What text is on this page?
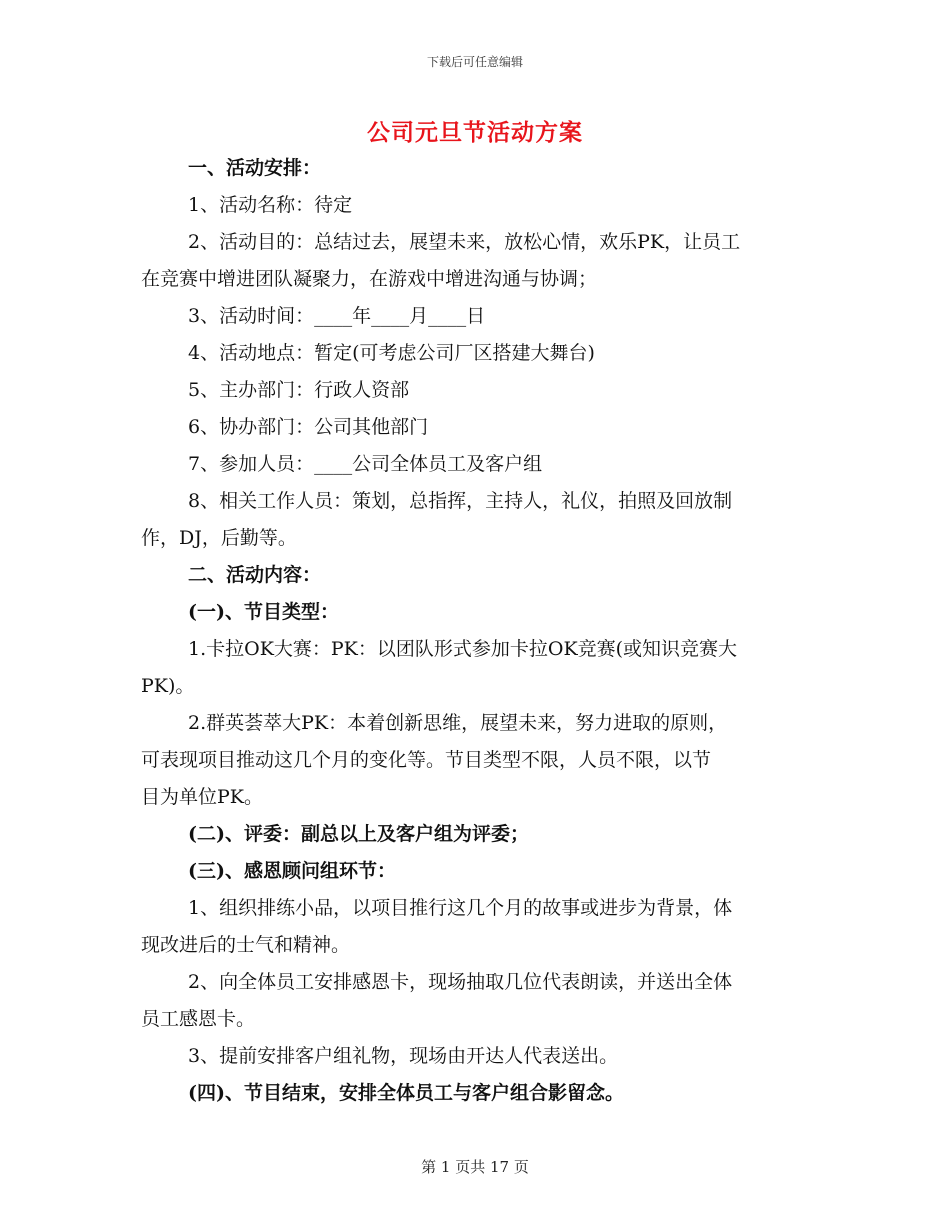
下载后可任意编辑
公司元旦节活动方案
一、活动安排：
1、活动名称：待定
2、活动目的：总结过去，展望未来，放松心情，欢乐PK，让员工
在竞赛中增进团队凝聚力，在游戏中增进沟通与协调；
3、活动时间：____年____月____日
4、活动地点：暂定(可考虑公司厂区搭建大舞台)
5、主办部门：行政人资部
6、协办部门：公司其他部门
7、参加人员：____公司全体员工及客户组
8、相关工作人员：策划，总指挥，主持人，礼仪，拍照及回放制
作，DJ，后勤等。
二、活动内容：
(一)、节目类型：
1.卡拉OK大赛：PK：以团队形式参加卡拉OK竞赛(或知识竞赛大
PK)。
2.群英荟萃大PK：本着创新思维，展望未来，努力进取的原则，
可表现项目推动这几个月的变化等。节目类型不限，人员不限，以节
目为单位PK。
(二)、评委：副总以上及客户组为评委；
(三)、感恩顾问组环节：
1、组织排练小品，以项目推行这几个月的故事或进步为背景，体
现改进后的士气和精神。
2、向全体员工安排感恩卡，现场抽取几位代表朗读，并送出全体
员工感恩卡。
3、提前安排客户组礼物，现场由开达人代表送出。
(四)、节目结束，安排全体员工与客户组合影留念。
第 1 页共 17 页
